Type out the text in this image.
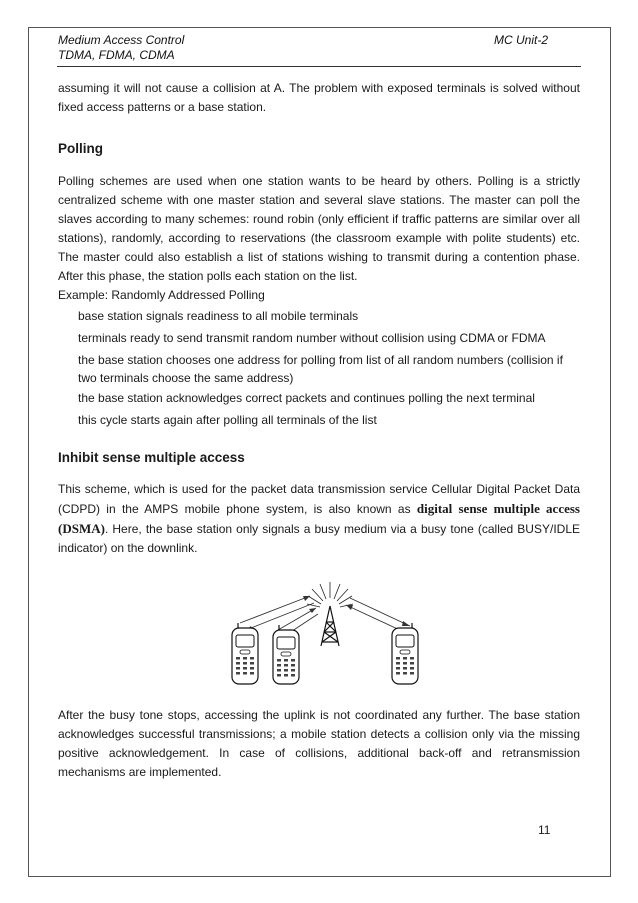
Medium Access Control
TDMA, FDMA, CDMA
MC Unit-2

assuming it will not cause a collision at A. The problem with exposed terminals is solved without fixed access patterns or a base station.

Polling

Polling schemes are used when one station wants to be heard by others. Polling is a strictly centralized scheme with one master station and several slave stations. The master can poll the slaves according to many schemes: round robin (only efficient if traffic patterns are similar over all stations), randomly, according to reservations (the classroom example with polite students) etc. The master could also establish a list of stations wishing to transmit during a contention phase. After this phase, the station polls each station on the list.

Example: Randomly Addressed Polling
base station signals readiness to all mobile terminals
terminals ready to send transmit random number without collision using CDMA or FDMA
the base station chooses one address for polling from list of all random numbers (collision if two terminals choose the same address)
the base station acknowledges correct packets and continues polling the next terminal
this cycle starts again after polling all terminals of the list
Inhibit sense multiple access

This scheme, which is used for the packet data transmission service Cellular Digital Packet Data (CDPD) in the AMPS mobile phone system, is also known as digital sense multiple access (DSMA). Here, the base station only signals a busy medium via a busy tone (called BUSY/IDLE indicator) on the downlink.

After the busy tone stops, accessing the uplink is not coordinated any further. The base station acknowledges successful transmissions; a mobile station detects a collision only via the missing positive acknowledgement. In case of collisions, additional back-off and retransmission mechanisms are implemented.

11
